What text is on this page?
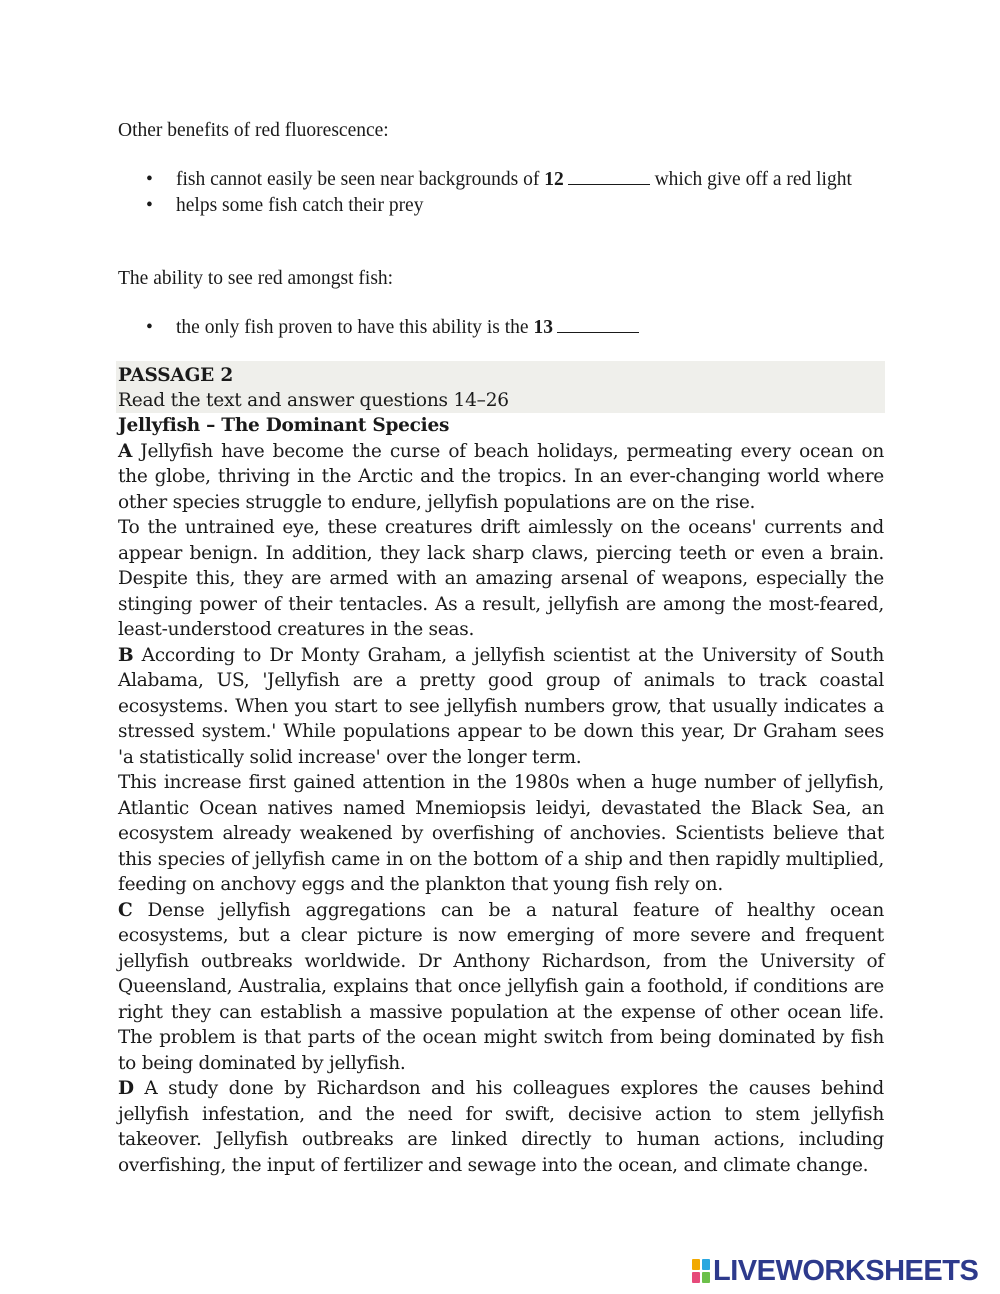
Other benefits of red fluorescence:
• fish cannot easily be seen near backgrounds of 12	which give off a red light
• helps some fish catch their prey
The ability to see red amongst fish:
• the only fish proven to have this ability is the 13
PASSAGE 2
Read the text and answer questions 14–26

Jellyfish – The Dominant Species

A Jellyfish have become the curse of beach holidays, permeating every ocean on the globe, thriving in the Arctic and the tropics. In an ever-changing world where other species struggle to endure, jellyfish populations are on the rise.

To the untrained eye, these creatures drift aimlessly on the oceans' currents and appear benign. In addition, they lack sharp claws, piercing teeth or even a brain. Despite this, they are armed with an amazing arsenal of weapons, especially the stinging power of their tentacles. As a result, jellyfish are among the most-feared, least-understood creatures in the seas.

B According to Dr Monty Graham, a jellyfish scientist at the University of South Alabama, US, 'Jellyfish are a pretty good group of animals to track coastal ecosystems. When you start to see jellyfish numbers grow, that usually indicates a stressed system.' While populations appear to be down this year, Dr Graham sees 'a statistically solid increase' over the longer term.

This increase first gained attention in the 1980s when a huge number of jellyfish, Atlantic Ocean natives named Mnemiopsis leidyi, devastated the Black Sea, an ecosystem already weakened by overfishing of anchovies. Scientists believe that this species of jellyfish came in on the bottom of a ship and then rapidly multiplied, feeding on anchovy eggs and the plankton that young fish rely on.

C Dense jellyfish aggregations can be a natural feature of healthy ocean ecosystems, but a clear picture is now emerging of more severe and frequent jellyfish outbreaks worldwide. Dr Anthony Richardson, from the University of Queensland, Australia, explains that once jellyfish gain a foothold, if conditions are right they can establish a massive population at the expense of other ocean life. The problem is that parts of the ocean might switch from being dominated by fish to being dominated by jellyfish.

D A study done by Richardson and his colleagues explores the causes behind jellyfish infestation, and the need for swift, decisive action to stem jellyfish takeover. Jellyfish outbreaks are linked directly to human actions, including overfishing, the input of fertilizer and sewage into the ocean, and climate change.

LIVEWORKSHEETS
